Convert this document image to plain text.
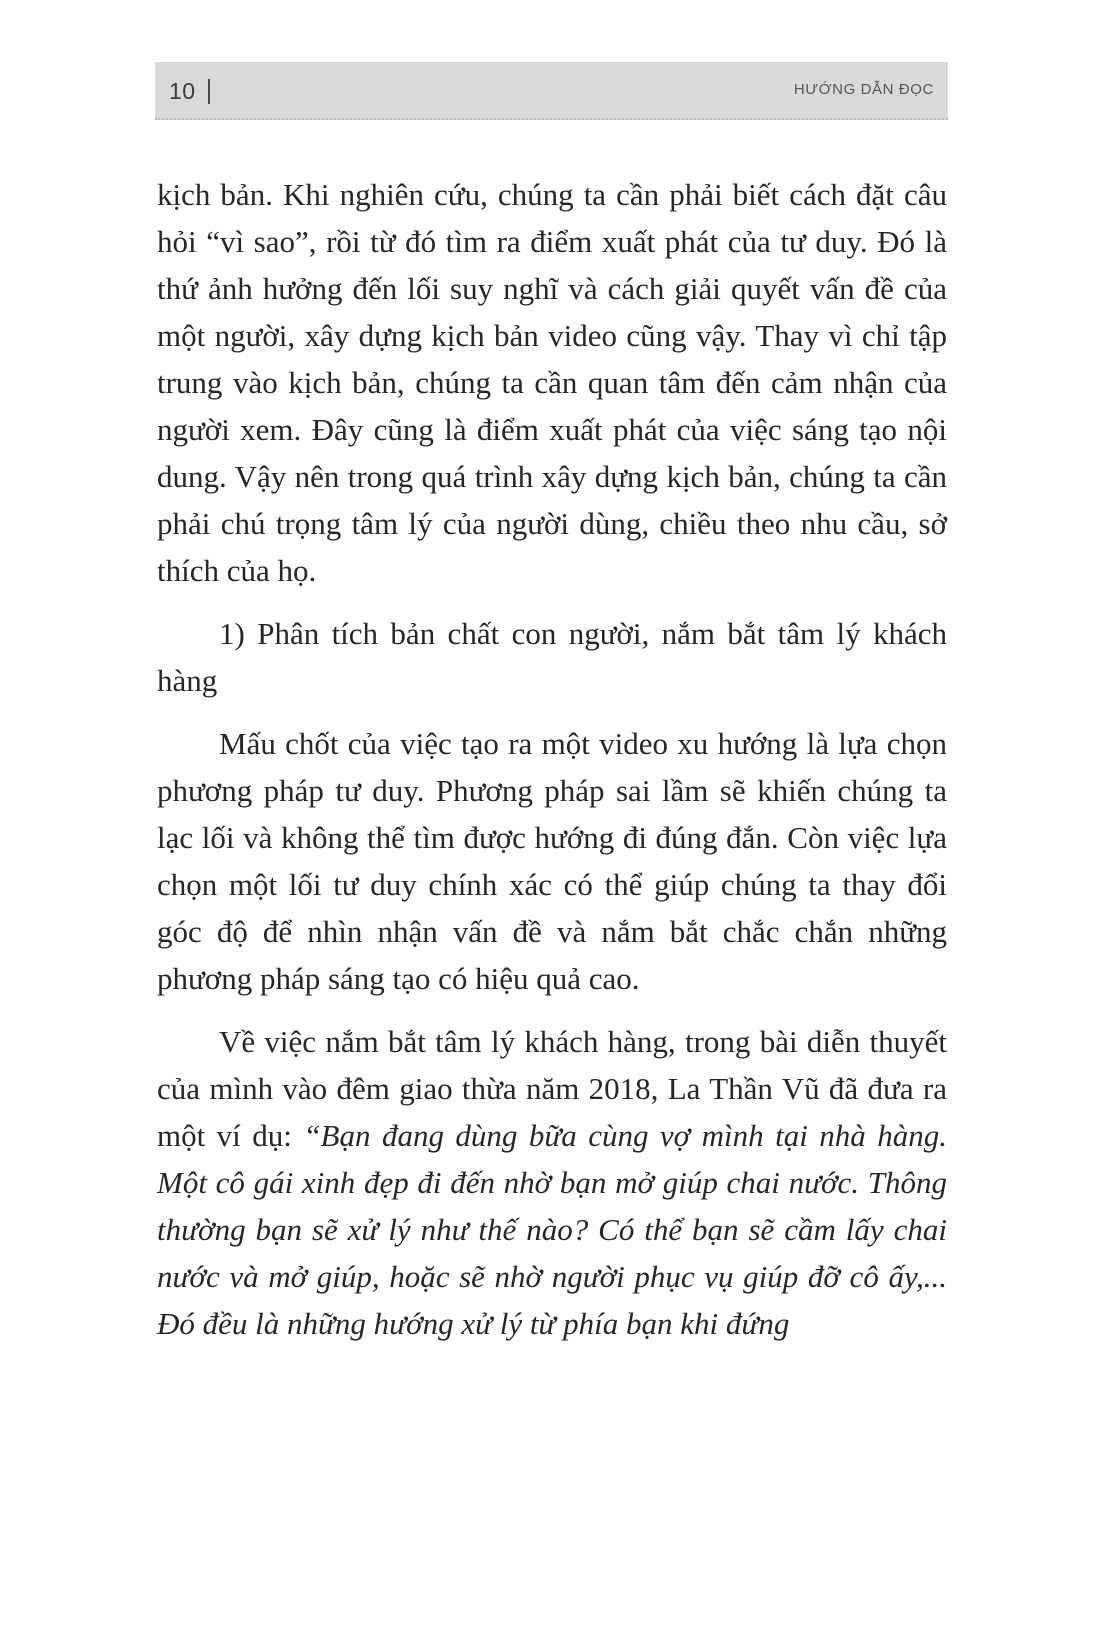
10	HƯỚNG DẪN ĐỌC

kịch bản. Khi nghiên cứu, chúng ta cần phải biết cách đặt câu hỏi “vì sao”, rồi từ đó tìm ra điểm xuất phát của tư duy. Đó là thứ ảnh hưởng đến lối suy nghĩ và cách giải quyết vấn đề của một người, xây dựng kịch bản video cũng vậy. Thay vì chỉ tập trung vào kịch bản, chúng ta cần quan tâm đến cảm nhận của người xem. Đây cũng là điểm xuất phát của việc sáng tạo nội dung. Vậy nên trong quá trình xây dựng kịch bản, chúng ta cần phải chú trọng tâm lý của người dùng, chiều theo nhu cầu, sở thích của họ.

1) Phân tích bản chất con người, nắm bắt tâm lý khách hàng

Mấu chốt của việc tạo ra một video xu hướng là lựa chọn phương pháp tư duy. Phương pháp sai lầm sẽ khiến chúng ta lạc lối và không thể tìm được hướng đi đúng đắn. Còn việc lựa chọn một lối tư duy chính xác có thể giúp chúng ta thay đổi góc độ để nhìn nhận vấn đề và nắm bắt chắc chắn những phương pháp sáng tạo có hiệu quả cao.

Về việc nắm bắt tâm lý khách hàng, trong bài diễn thuyết của mình vào đêm giao thừa năm 2018, La Thần Vũ đã đưa ra một ví dụ: “Bạn đang dùng bữa cùng vợ mình tại nhà hàng. Một cô gái xinh đẹp đi đến nhờ bạn mở giúp chai nước. Thông thường bạn sẽ xử lý như thế nào? Có thể bạn sẽ cầm lấy chai nước và mở giúp, hoặc sẽ nhờ người phục vụ giúp đỡ cô ấy,... Đó đều là những hướng xử lý từ phía bạn khi đứng
